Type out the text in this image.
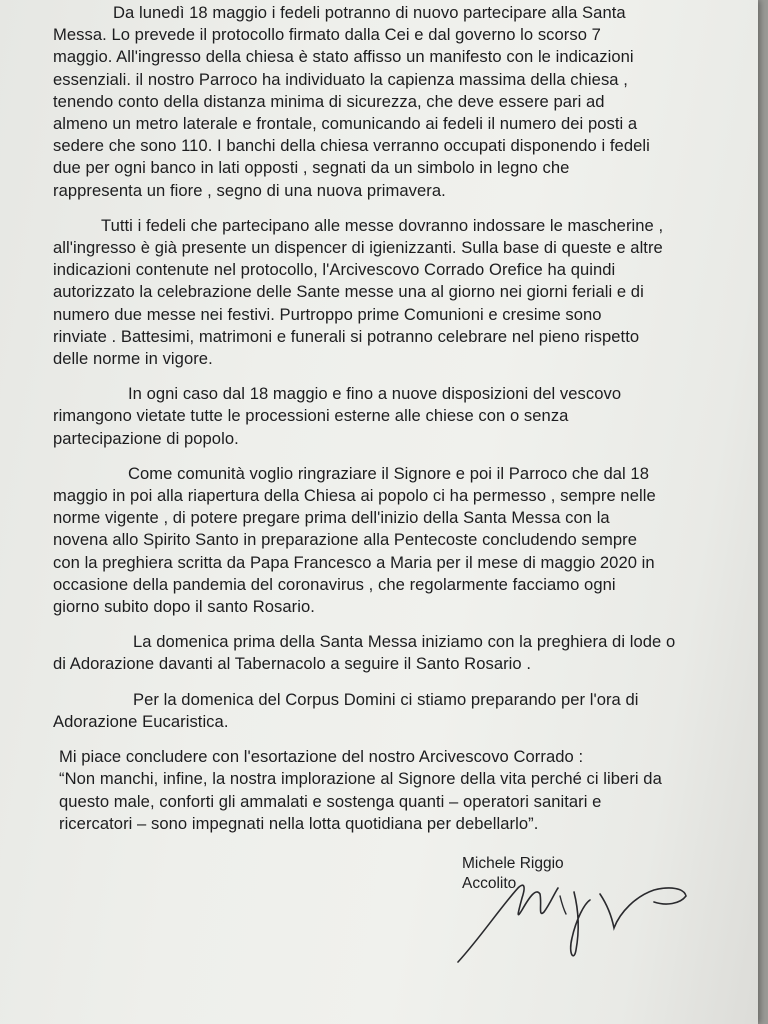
Da lunedì 18 maggio i fedeli potranno di nuovo partecipare alla Santa
Messa. Lo prevede il protocollo firmato dalla Cei e dal governo lo scorso 7
maggio. All'ingresso della chiesa è stato affisso un manifesto con le indicazioni
essenziali. il nostro Parroco ha individuato la capienza massima della chiesa ,
tenendo conto della distanza minima di sicurezza, che deve essere pari ad
almeno un metro laterale e frontale, comunicando ai fedeli il numero dei posti a
sedere che sono 110. I banchi della chiesa verranno occupati disponendo i fedeli
due per ogni banco in lati opposti , segnati da un simbolo in legno che
rappresenta un fiore , segno di una nuova primavera.

Tutti i fedeli che partecipano alle messe dovranno indossare le mascherine ,
all'ingresso è già presente un dispencer di igienizzanti. Sulla base di queste e altre
indicazioni contenute nel protocollo, l'Arcivescovo Corrado Orefice ha quindi
autorizzato la celebrazione delle Sante messe una al giorno nei giorni feriali e di
numero due messe nei festivi. Purtroppo prime Comunioni e cresime sono
rinviate . Battesimi, matrimoni e funerali si potranno celebrare nel pieno rispetto
delle norme in vigore.

In ogni caso dal 18 maggio e fino a nuove disposizioni del vescovo
rimangono vietate tutte le processioni esterne alle chiese con o senza
partecipazione di popolo.

Come comunità voglio ringraziare il Signore e poi il Parroco che dal 18
maggio in poi alla riapertura della Chiesa ai popolo ci ha permesso , sempre nelle
norme vigente , di potere pregare prima dell'inizio della Santa Messa con la
novena allo Spirito Santo in preparazione alla Pentecoste concludendo sempre
con la preghiera scritta da Papa Francesco a Maria per il mese di maggio 2020 in
occasione della pandemia del coronavirus , che regolarmente facciamo ogni
giorno subito dopo il santo Rosario.

La domenica prima della Santa Messa iniziamo con la preghiera di lode o
di Adorazione davanti al Tabernacolo a seguire il Santo Rosario .

Per la domenica del Corpus Domini ci stiamo preparando per l'ora di
Adorazione Eucaristica.

Mi piace concludere con l'esortazione del nostro Arcivescovo Corrado :
“Non manchi, infine, la nostra implorazione al Signore della vita perché ci liberi da
questo male, conforti gli ammalati e sostenga quanti – operatori sanitari e
ricercatori – sono impegnati nella lotta quotidiana per debellarlo”.

Michele Riggio
Accolito
